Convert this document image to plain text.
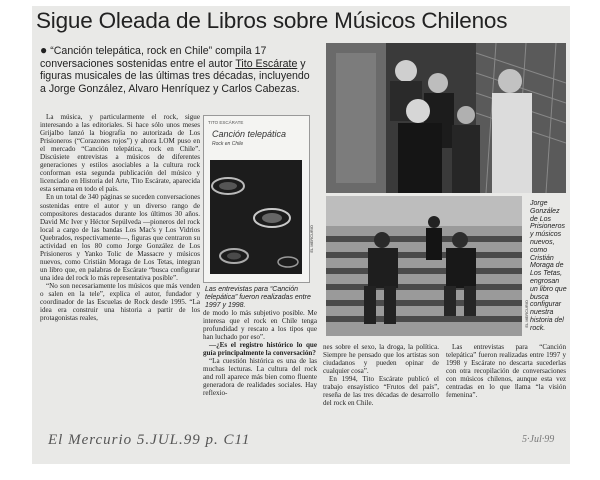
Sigue Oleada de Libros sobre Músicos Chilenos
● “Canción telepática, rock en Chile” compila 17 conversaciones sostenidas entre el autor Tito Escárate y figuras musicales de las últimas tres décadas, incluyendo a Jorge González, Alvaro Henríquez y Carlos Cabezas.

La música, y particularmente el rock, sigue interesando a las editoriales. Si hace sólo unos meses Grijalbo lanzó la biografía no autorizada de Los Prisioneros (“Corazones rojos”) y ahora LOM puso en el mercado “Canción telepática, rock en Chile”. Discúsiete entrevistas a músicos de diferentes generaciones y estilos asociables a la cultura rock conforman esta segunda publicación del músico y licenciado en Historia del Arte, Tito Escárate, aparecida esta semana en todo el país.

En un total de 340 páginas se suceden conversaciones sostenidas entre el autor y un diverso rango de compositores destacados durante los últimos 30 años. David Mc Iver y Héctor Sepúlveda —pioneros del rock local a cargo de las bandas Los Mac's y Los Vidrios Quebrados, respectivamente—, figuras que centraron su actividad en los 80 como Jorge González de Los Prisioneros y Yanko Tolic de Massacre y músicos nuevos, como Cristián Moraga de Los Tetas, integran un libro que, en palabras de Escárate “busca configurar una idea del rock lo más representativa posible”.

“No son necesariamente los músicos que más venden o salen en la tele”, explica el autor, fundador y coordinador de las Escuelas de Rock desde 1995. “La idea era construir una historia a partir de los protagonistas reales,

TITO ESCÁRATE
Canción telepática
Rock en Chile
EL MERCURIO
Las entrevistas para “Canción telepática” fueron realizadas entre 1997 y 1998.

de modo lo más subjetivo posible. Me interesa que el rock en Chile tenga profundidad y rescato a los tipos que han luchado por eso”.

—¿Es el registro histórico lo que guía principalmente la conversación?

“La cuestión histórica es una de las muchas lecturas. La cultura del rock and roll aparece más bien como fluente generadora de realidades sociales. Hay reflexio-

EL MERCURIO
Jorge González de Los Prisioneros y músicos nuevos, como Cristián Moraga de Los Tetas, engrosan un libro que busca configurar nuestra historia del rock.

nes sobre el sexo, la droga, la política. Siempre he pensado que los artistas son ciudadanos y pueden opinar de cualquier cosa”.

En 1994, Tito Escárate publicó el trabajo ensayístico “Frutos del país”, reseña de las tres décadas de desarrollo del rock en Chile.

Las entrevistas para “Canción telepática” fueron realizadas entre 1997 y 1998 y Escárate no descarta sucederlas con otra recopilación de conversaciones con músicos chilenos, aunque esta vez centradas en lo que llama “la visión femenina”.

El Mercurio 5.JUL.99 p. C11	5·Jul·99
